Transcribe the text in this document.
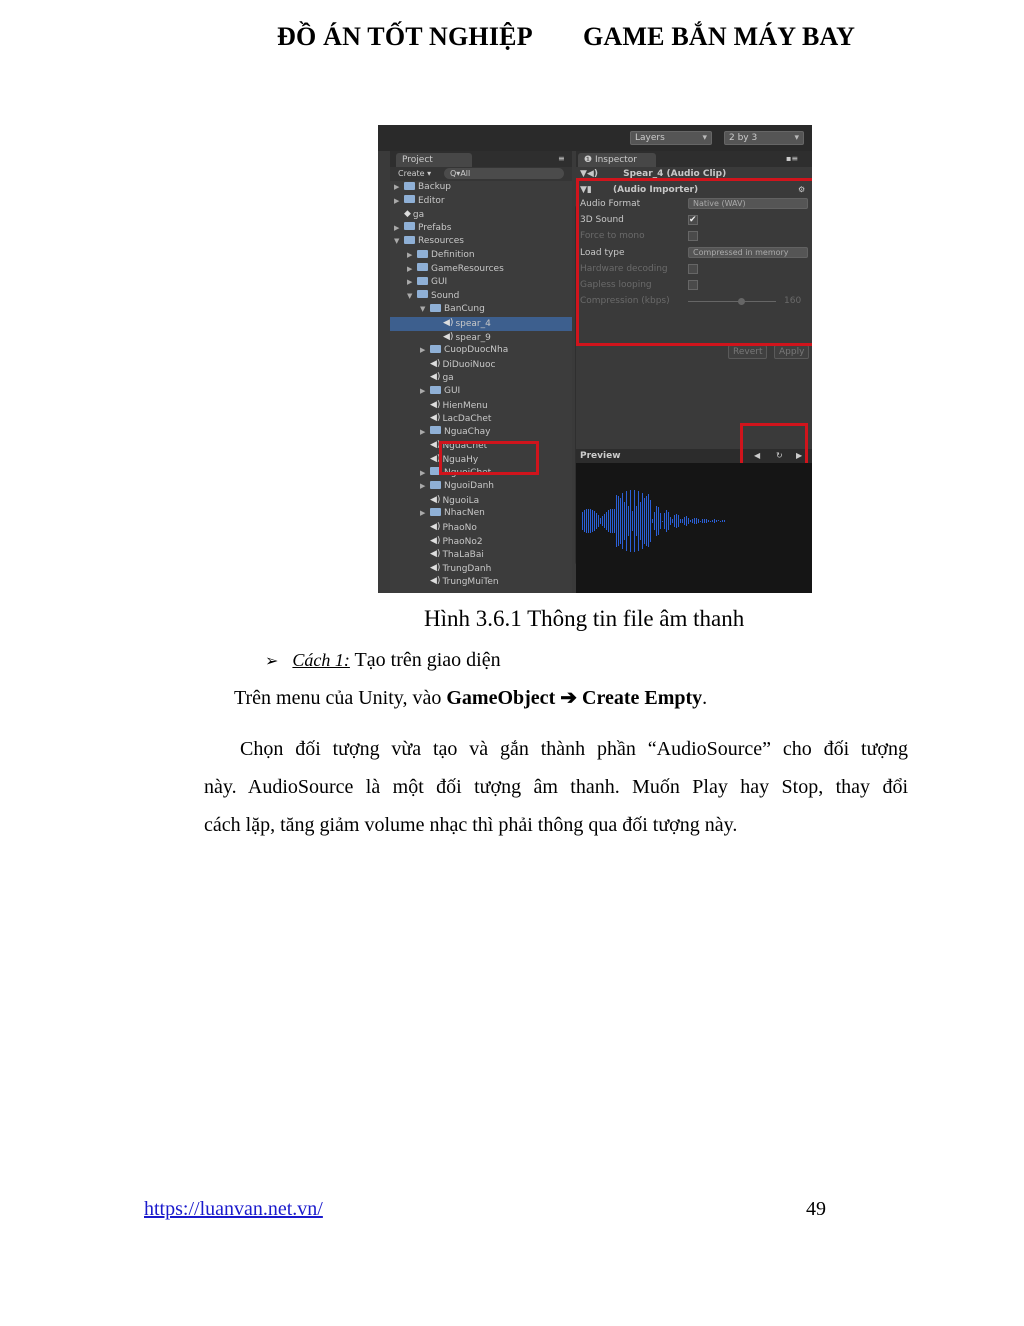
ĐỒ ÁN TỐT NGHIỆP GAME BẮN MÁY BAY
Layers ▾	2 by 3 ▾
Project	≡
Create ▾	Q▾All
▶	Backup
▶	Editor
◆ ga
▶	Prefabs
▼	Resources
▶	Definition
▶	GameResources
▶	GUI
▼	Sound
▼	BanCung
◀) spear_4
◀) spear_9
▶	CuopDuocNha
◀) DiDuoiNuoc
◀) ga
▶	GUI
◀) HienMenu
◀) LacDaChet
▶	NguaChay
◀) NguaChet
◀) NguaHy
▶	NguoiChet
▶	NguoiDanh
◀) NguoiLa
▶	NhacNen
◀) PhaoNo
◀) PhaoNo2
◀) ThaLaBai
◀) TrungDanh
◀) TrungMuiTen
❶ Inspector	▪≡
▼◀) Spear_4 (Audio Clip)
▼▮ (Audio Importer)	⚙
Audio Format	Native (WAV)
3D Sound	✔
Force to mono
Load type	Compressed in memory
Hardware decoding
Gapless looping
Compression (kbps)	160
Revert	Apply
Preview	◀ ↻ ▶
Hình 3.6.1 Thông tin file âm thanh
➢ Cách 1: Tạo trên giao diện
Trên menu của Unity, vào GameObject ➔ Create Empty.
Chọn đối tượng vừa tạo và gắn thành phần “AudioSource” cho đối tượng
này. AudioSource là một đối tượng âm thanh. Muốn Play hay Stop, thay đổi
cách lặp, tăng giảm volume nhạc thì phải thông qua đối tượng này.
https://luanvan.net.vn/	49
